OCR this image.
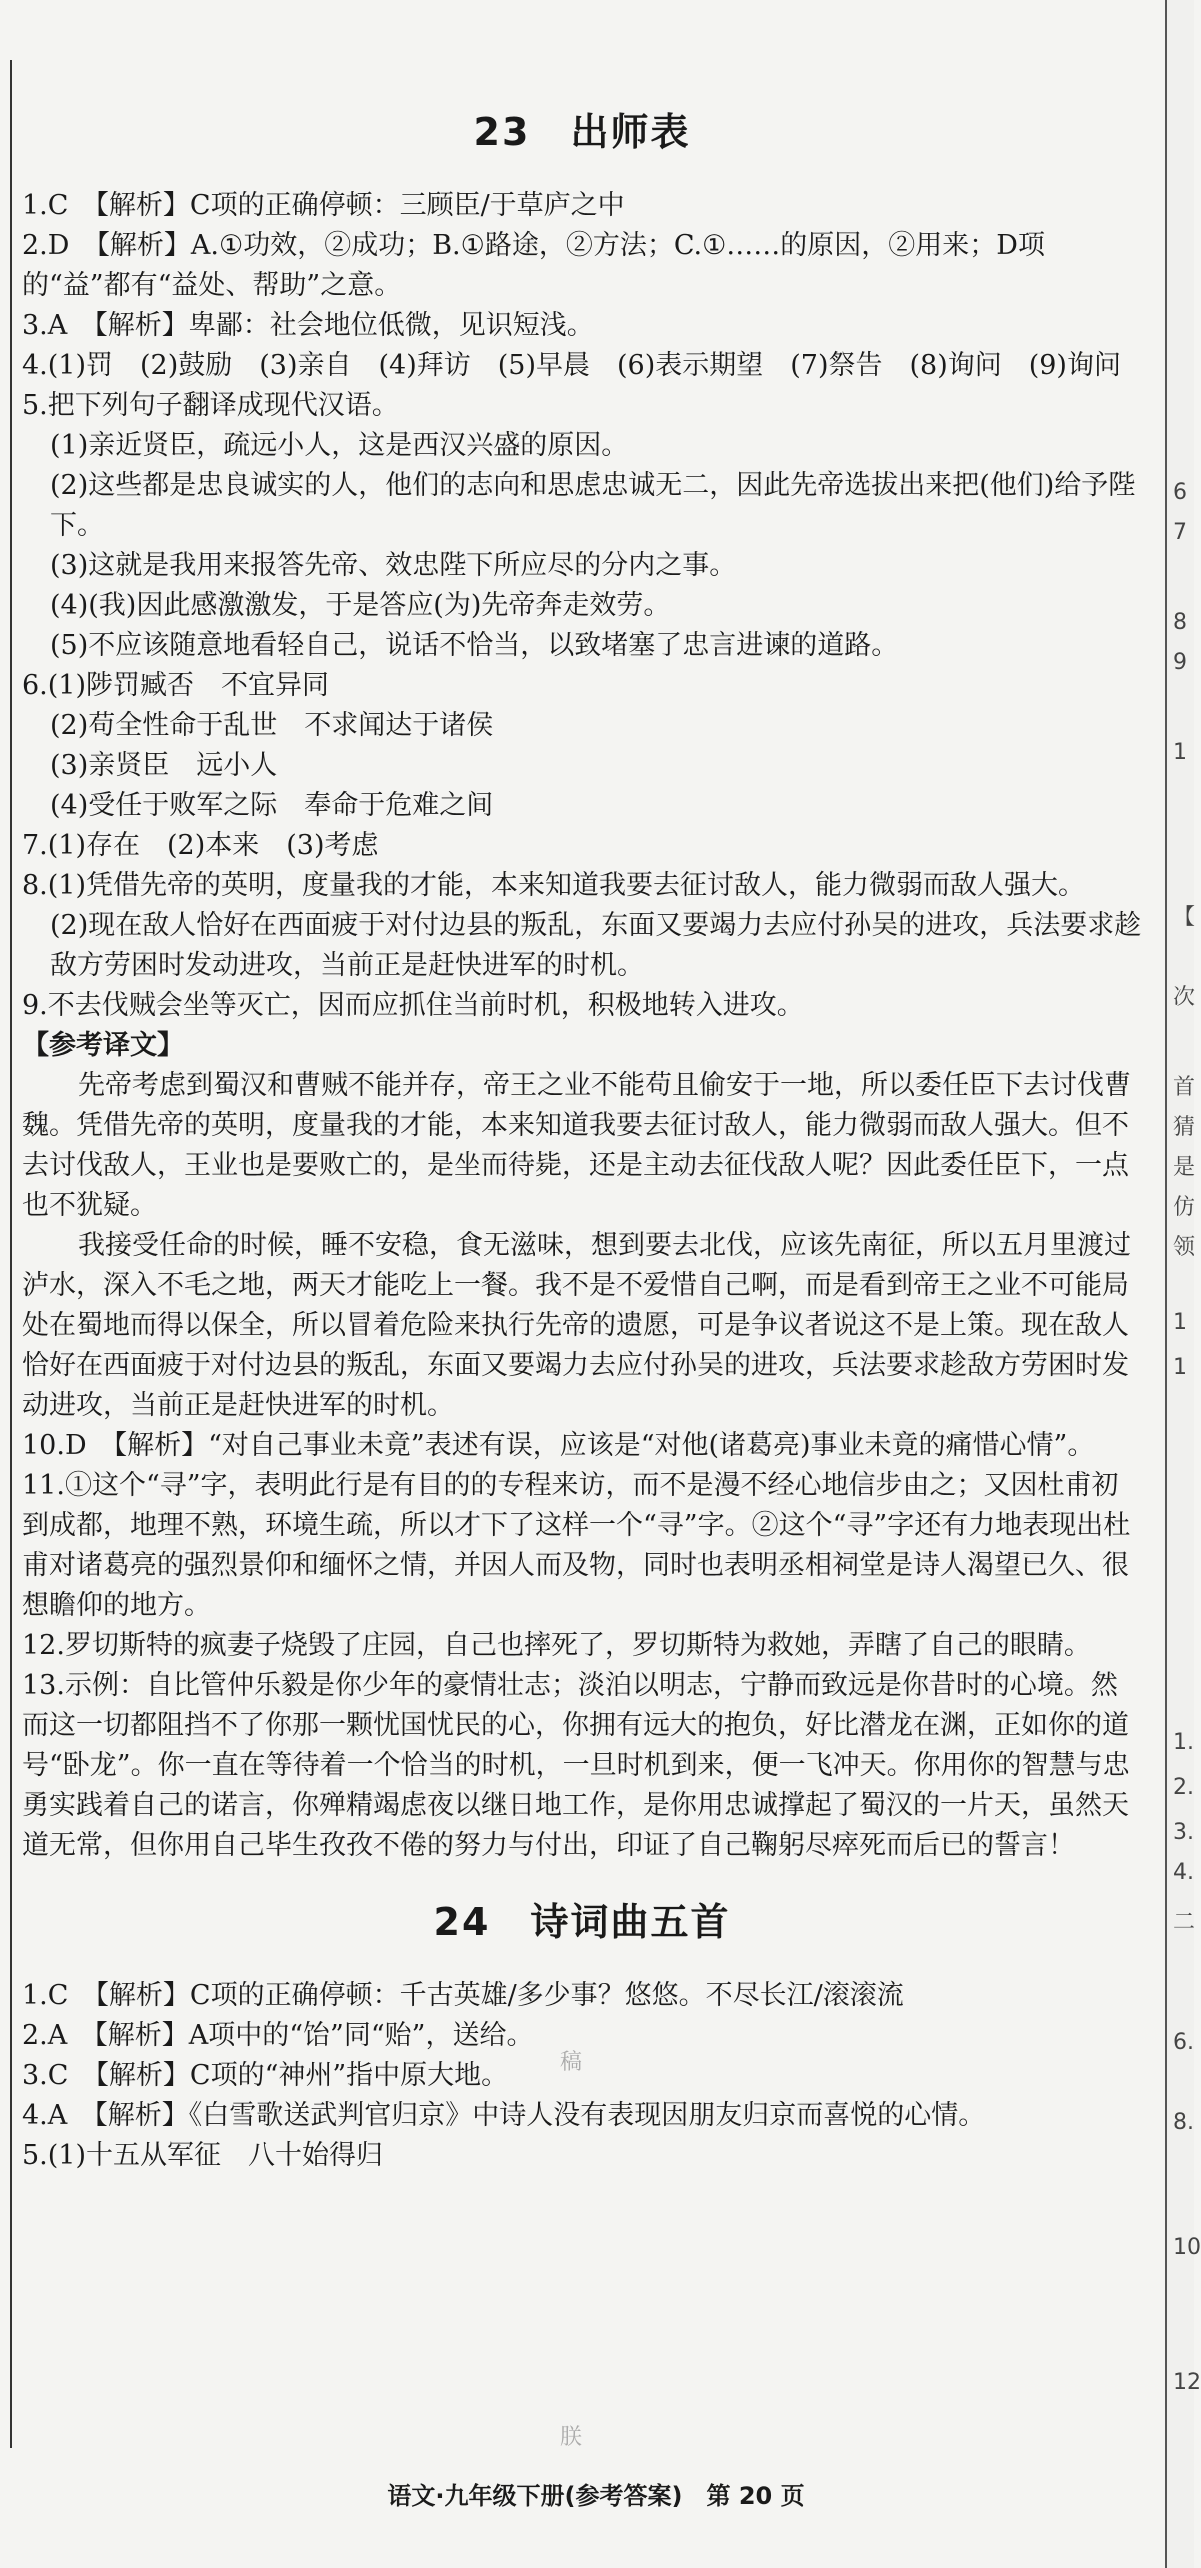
6
7
8
9
1
【
次
首
猜
是
仿
领
1
1
1.
2.
3.
4.
二
6.
8.
10
12
23 出师表

1.C　【解析】C项的正确停顿：三顾臣/于草庐之中

2.D　【解析】A.①功效，②成功；B.①路途，②方法；C.①……的原因，②用来；D项的“益”都有“益处、帮助”之意。

3.A　【解析】卑鄙：社会地位低微，见识短浅。

4.(1)罚　(2)鼓励　(3)亲自　(4)拜访　(5)早晨　(6)表示期望　(7)祭告　(8)询问　(9)询问

5.把下列句子翻译成现代汉语。

(1)亲近贤臣，疏远小人，这是西汉兴盛的原因。

(2)这些都是忠良诚实的人，他们的志向和思虑忠诚无二，因此先帝选拔出来把(他们)给予陛下。

(3)这就是我用来报答先帝、效忠陛下所应尽的分内之事。

(4)(我)因此感激激发，于是答应(为)先帝奔走效劳。

(5)不应该随意地看轻自己，说话不恰当，以致堵塞了忠言进谏的道路。

6.(1)陟罚臧否　不宜异同

(2)苟全性命于乱世　不求闻达于诸侯

(3)亲贤臣　远小人

(4)受任于败军之际　奉命于危难之间

7.(1)存在　(2)本来　(3)考虑

8.(1)凭借先帝的英明，度量我的才能，本来知道我要去征讨敌人，能力微弱而敌人强大。

(2)现在敌人恰好在西面疲于对付边县的叛乱，东面又要竭力去应付孙吴的进攻，兵法要求趁敌方劳困时发动进攻，当前正是赶快进军的时机。

9.不去伐贼会坐等灭亡，因而应抓住当前时机，积极地转入进攻。

【参考译文】

先帝考虑到蜀汉和曹贼不能并存，帝王之业不能苟且偷安于一地，所以委任臣下去讨伐曹魏。凭借先帝的英明，度量我的才能，本来知道我要去征讨敌人，能力微弱而敌人强大。但不去讨伐敌人，王业也是要败亡的，是坐而待毙，还是主动去征伐敌人呢？因此委任臣下，一点也不犹疑。

我接受任命的时候，睡不安稳，食无滋味，想到要去北伐，应该先南征，所以五月里渡过泸水，深入不毛之地，两天才能吃上一餐。我不是不爱惜自己啊，而是看到帝王之业不可能局处在蜀地而得以保全，所以冒着危险来执行先帝的遗愿，可是争议者说这不是上策。现在敌人恰好在西面疲于对付边县的叛乱，东面又要竭力去应付孙吴的进攻，兵法要求趁敌方劳困时发动进攻，当前正是赶快进军的时机。

10.D　【解析】“对自己事业未竟”表述有误，应该是“对他(诸葛亮)事业未竟的痛惜心情”。

11.①这个“寻”字，表明此行是有目的的专程来访，而不是漫不经心地信步由之；又因杜甫初到成都，地理不熟，环境生疏，所以才下了这样一个“寻”字。②这个“寻”字还有力地表现出杜甫对诸葛亮的强烈景仰和缅怀之情，并因人而及物，同时也表明丞相祠堂是诗人渴望已久、很想瞻仰的地方。

12.罗切斯特的疯妻子烧毁了庄园，自己也摔死了，罗切斯特为救她，弄瞎了自己的眼睛。

13.示例：自比管仲乐毅是你少年的豪情壮志；淡泊以明志，宁静而致远是你昔时的心境。然而这一切都阻挡不了你那一颗忧国忧民的心，你拥有远大的抱负，好比潜龙在渊，正如你的道号“卧龙”。你一直在等待着一个恰当的时机，一旦时机到来，便一飞冲天。你用你的智慧与忠勇实践着自己的诺言，你殚精竭虑夜以继日地工作，是你用忠诚撑起了蜀汉的一片天，虽然天道无常，但你用自己毕生孜孜不倦的努力与付出，印证了自己鞠躬尽瘁死而后已的誓言！

24 诗词曲五首

1.C　【解析】C项的正确停顿：千古英雄/多少事？悠悠。不尽长江/滚滚流

2.A　【解析】A项中的“饴”同“贻”，送给。

3.C　【解析】C项的“神州”指中原大地。

4.A　【解析】《白雪歌送武判官归京》中诗人没有表现因朋友归京而喜悦的心情。

5.(1)十五从军征　八十始得归

稿
朕
语文·九年级下册(参考答案)　第 20 页
